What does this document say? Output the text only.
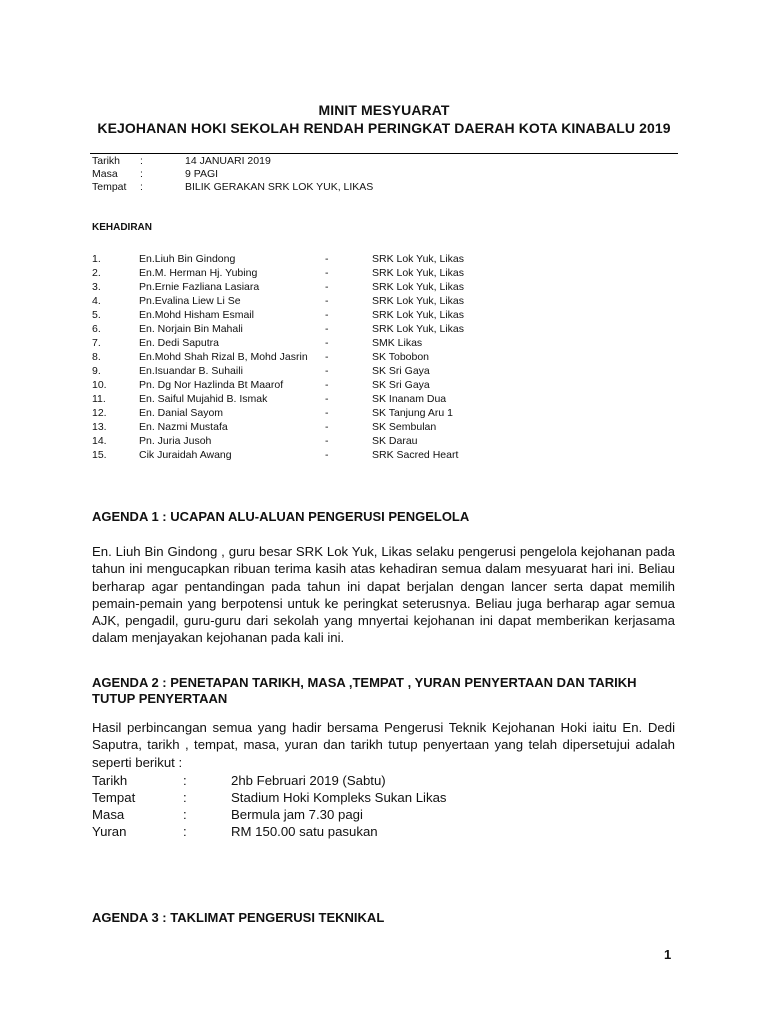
MINIT MESYUARAT
KEJOHANAN HOKI SEKOLAH RENDAH PERINGKAT DAERAH KOTA KINABALU 2019
Tarikh :	14 JANUARI 2019
Masa :	9 PAGI
Tempat :	BILIK GERAKAN SRK LOK YUK, LIKAS
KEHADIRAN
1.	En.Liuh Bin Gindong	-	SRK Lok Yuk, Likas
2.	En.M. Herman Hj. Yubing	-	SRK Lok Yuk, Likas
3.	Pn.Ernie Fazliana Lasiara	-	SRK Lok Yuk, Likas
4.	Pn.Evalina Liew Li Se	-	SRK Lok Yuk, Likas
5.	En.Mohd Hisham Esmail	-	SRK Lok Yuk, Likas
6.	En. Norjain Bin Mahali	-	SRK Lok Yuk, Likas
7.	En. Dedi Saputra	-	SMK Likas
8.	En.Mohd Shah Rizal B, Mohd Jasrin -	SK Tobobon
9.	En.Isuandar B. Suhaili	-	SK Sri Gaya
10.	Pn. Dg Nor Hazlinda Bt Maarof	-	SK Sri Gaya
11.	En. Saiful Mujahid B. Ismak	-	SK Inanam Dua
12.	En. Danial Sayom	-	SK Tanjung Aru 1
13.	En. Nazmi Mustafa	-	SK Sembulan
14.	Pn. Juria Jusoh	-	SK Darau
15.	Cik Juraidah Awang	-	SRK Sacred Heart
AGENDA 1 : UCAPAN ALU-ALUAN PENGERUSI PENGELOLA
En. Liuh Bin Gindong , guru besar SRK Lok Yuk, Likas selaku pengerusi pengelola kejohanan pada tahun ini mengucapkan ribuan terima kasih atas kehadiran semua dalam mesyuarat hari ini. Beliau berharap agar pentandingan pada tahun ini dapat berjalan dengan lancer serta dapat memilih pemain-pemain yang berpotensi untuk ke peringkat seterusnya. Beliau juga berharap agar semua AJK, pengadil, guru-guru dari sekolah yang mnyertai kejohanan ini dapat memberikan kerjasama dalam menjayakan kejohanan pada kali ini.
AGENDA 2 : PENETAPAN TARIKH, MASA ,TEMPAT , YURAN PENYERTAAN DAN TARIKH TUTUP PENYERTAAN
Hasil perbincangan semua yang hadir bersama Pengerusi Teknik Kejohanan Hoki iaitu En. Dedi Saputra, tarikh , tempat, masa, yuran dan tarikh tutup penyertaan yang telah dipersetujui adalah seperti berikut :
Tarikh	:	2hb Februari 2019 (Sabtu)
Tempat	:	Stadium Hoki Kompleks Sukan Likas
Masa	:	Bermula jam 7.30 pagi
Yuran	:	RM 150.00 satu pasukan
AGENDA 3 : TAKLIMAT PENGERUSI TEKNIKAL
1
